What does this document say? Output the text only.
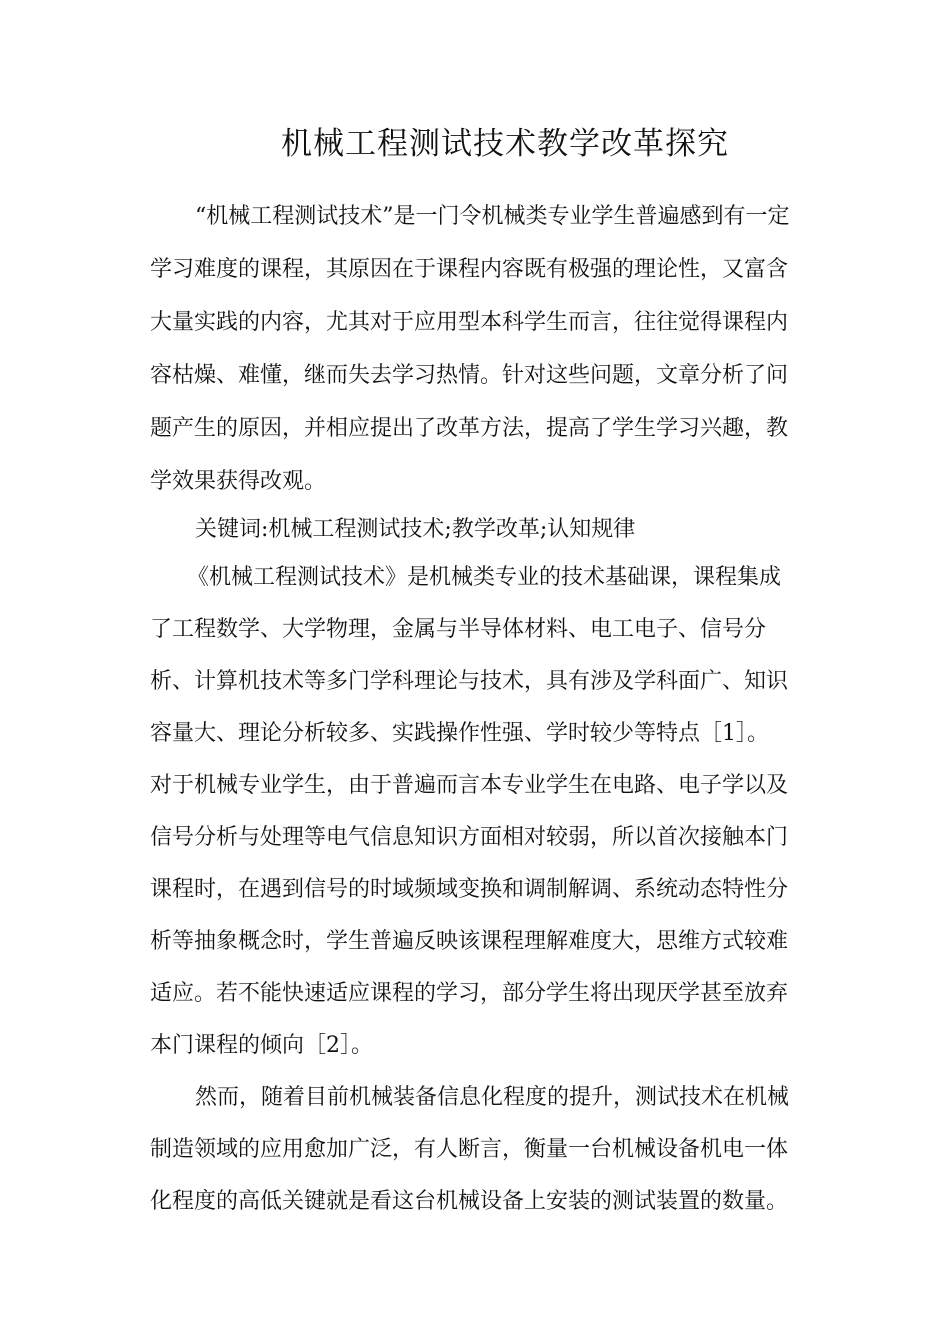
机械工程测试技术教学改革探究
“机械工程测试技术”是一门令机械类专业学生普遍感到有一定
学习难度的课程，其原因在于课程内容既有极强的理论性，又富含
大量实践的内容，尤其对于应用型本科学生而言，往往觉得课程内
容枯燥、难懂，继而失去学习热情。针对这些问题，文章分析了问
题产生的原因，并相应提出了改革方法，提高了学生学习兴趣，教
学效果获得改观。
关键词:机械工程测试技术;教学改革;认知规律
《机械工程测试技术》是机械类专业的技术基础课，课程集成
了工程数学、大学物理，金属与半导体材料、电工电子、信号分
析、计算机技术等多门学科理论与技术，具有涉及学科面广、知识
容量大、理论分析较多、实践操作性强、学时较少等特点［1］。
对于机械专业学生，由于普遍而言本专业学生在电路、电子学以及
信号分析与处理等电气信息知识方面相对较弱，所以首次接触本门
课程时，在遇到信号的时域频域变换和调制解调、系统动态特性分
析等抽象概念时，学生普遍反映该课程理解难度大，思维方式较难
适应。若不能快速适应课程的学习，部分学生将出现厌学甚至放弃
本门课程的倾向［2］。
然而，随着目前机械装备信息化程度的提升，测试技术在机械
制造领域的应用愈加广泛，有人断言，衡量一台机械设备机电一体
化程度的高低关键就是看这台机械设备上安装的测试装置的数量。
